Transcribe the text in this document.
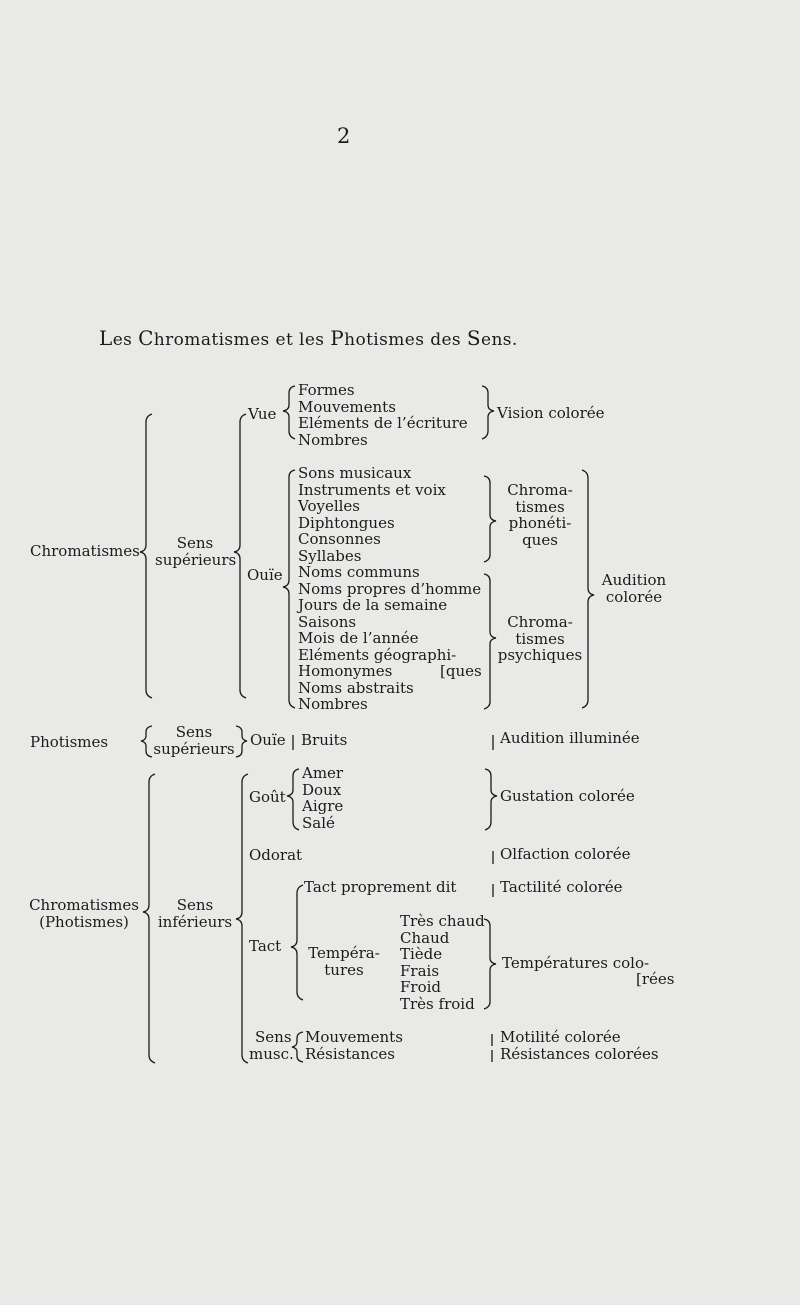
2
Les Chromatismes et les Photismes des Sens.
Chromatismes	Sens
supérieurs
Vue
Formes
Mouvements
Eléments de l’écriture
Nombres
Vision colorée
Ouïe
Sons musicaux
Instruments et voix
Voyelles
Diphtongues
Consonnes
Syllabes
Noms communs
Noms propres d’homme
Jours de la semaine
Saisons
Mois de l’année
Eléments géographi-
Homonymes
Noms abstraits
Nombres
[ques
Chroma-
tismes
phonéti-
ques
Chroma-
tismes
psychiques
Audition
colorée
Photismes
Sens
supérieurs Ouïe Bruits	Audition illuminée
Chromatismes
(Photismes)
Sens
inférieurs
Goût
Amer
Doux
Aigre
Salé
Gustation colorée
Odorat	Olfaction colorée
Tact
Tact proprement dit	Tactilité colorée
Tempéra-
tures
Très chaud
Chaud
Tiède
Frais
Froid
Très froid
Températures colo-
[rées
Sens
musc.
Mouvements
Résistances
Motilité colorée
Résistances colorées
